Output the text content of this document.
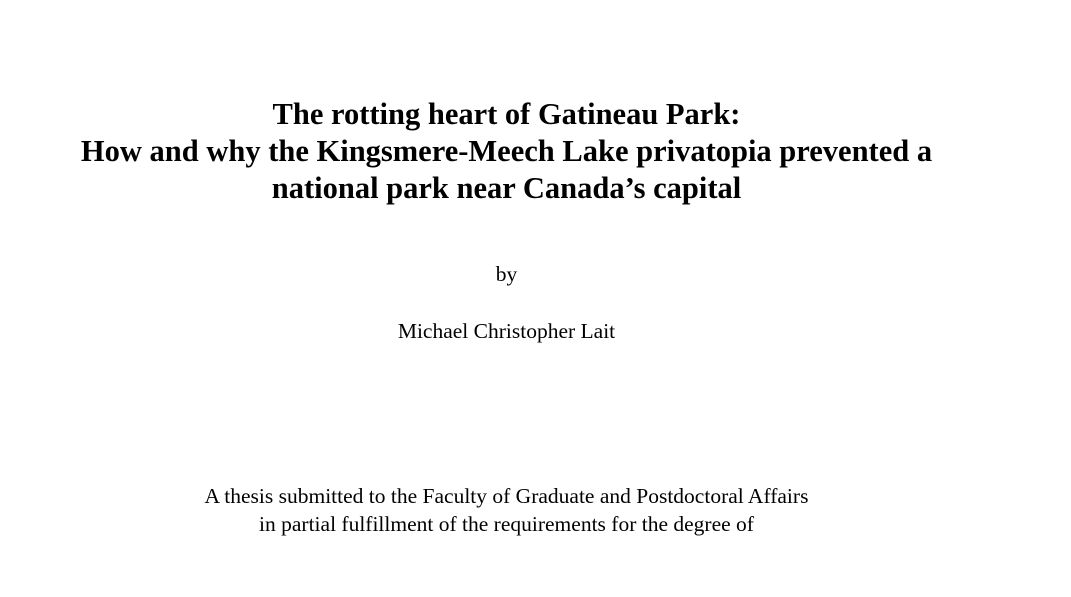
The rotting heart of Gatineau Park:
How and why the Kingsmere-Meech Lake privatopia prevented a
national park near Canada’s capital
by
Michael Christopher Lait
A thesis submitted to the Faculty of Graduate and Postdoctoral Affairs
in partial fulfillment of the requirements for the degree of
